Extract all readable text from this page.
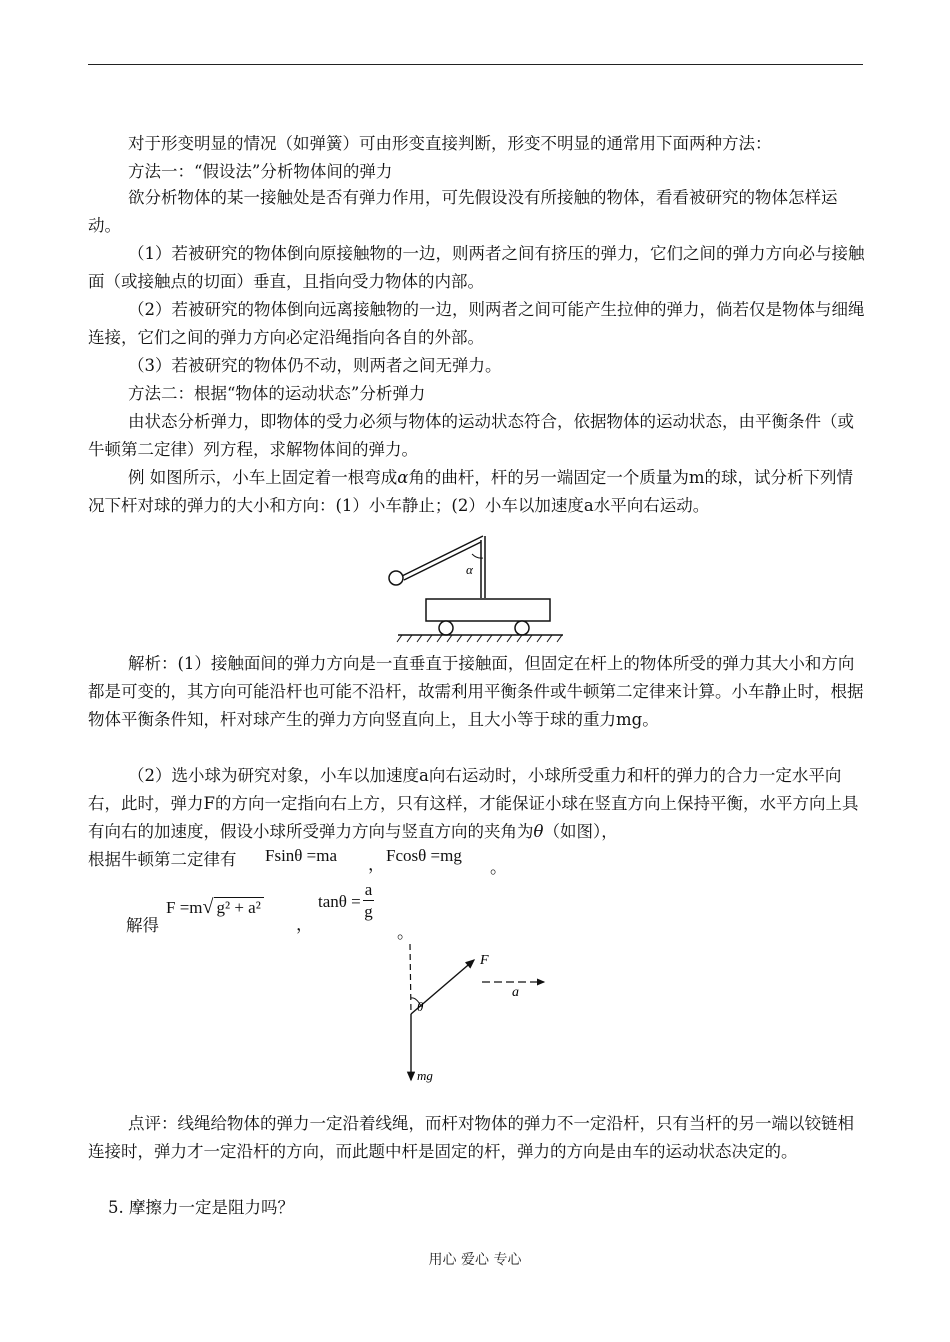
对于形变明显的情况（如弹簧）可由形变直接判断，形变不明显的通常用下面两种方法：

方法一：“假设法”分析物体间的弹力

欲分析物体的某一接触处是否有弹力作用，可先假设没有所接触的物体，看看被研究的物体怎样运动。

（1）若被研究的物体倒向原接触物的一边，则两者之间有挤压的弹力，它们之间的弹力方向必与接触面（或接触点的切面）垂直，且指向受力物体的内部。

（2）若被研究的物体倒向远离接触物的一边，则两者之间可能产生拉伸的弹力，倘若仅是物体与细绳连接，它们之间的弹力方向必定沿绳指向各自的外部。

（3）若被研究的物体仍不动，则两者之间无弹力。

方法二：根据“物体的运动状态”分析弹力

由状态分析弹力，即物体的受力必须与物体的运动状态符合，依据物体的运动状态，由平衡条件（或牛顿第二定律）列方程，求解物体间的弹力。

例 如图所示，小车上固定着一根弯成α角的曲杆，杆的另一端固定一个质量为m的球，试分析下列情况下杆对球的弹力的大小和方向：(1）小车静止；(2）小车以加速度a水平向右运动。

α

解析：(1）接触面间的弹力方向是一直垂直于接触面，但固定在杆上的物体所受的弹力其大小和方向都是可变的，其方向可能沿杆也可能不沿杆，故需利用平衡条件或牛顿第二定律来计算。小车静止时，根据物体平衡条件知，杆对球产生的弹力方向竖直向上，且大小等于球的重力mg。

（2）选小球为研究对象，小车以加速度a向右运动时，小球所受重力和杆的弹力的合力一定水平向右，此时，弹力F的方向一定指向右上方，只有这样，才能保证小球在竖直方向上保持平衡，水平方向上具有向右的加速度，假设小球所受弹力方向与竖直方向的夹角为θ（如图），

根据牛顿第二定律有 Fsinθ =ma ， Fcosθ =mg
。
解得
F =m√ g² + a²
，
$\tan\theta = \frac{a}{g}$
。
F
θ
a
mg

点评：线绳给物体的弹力一定沿着线绳，而杆对物体的弹力不一定沿杆，只有当杆的另一端以铰链相连接时，弹力才一定沿杆的方向，而此题中杆是固定的杆，弹力的方向是由车的运动状态决定的。

5. 摩擦力一定是阻力吗？

用心 爱心 专心
